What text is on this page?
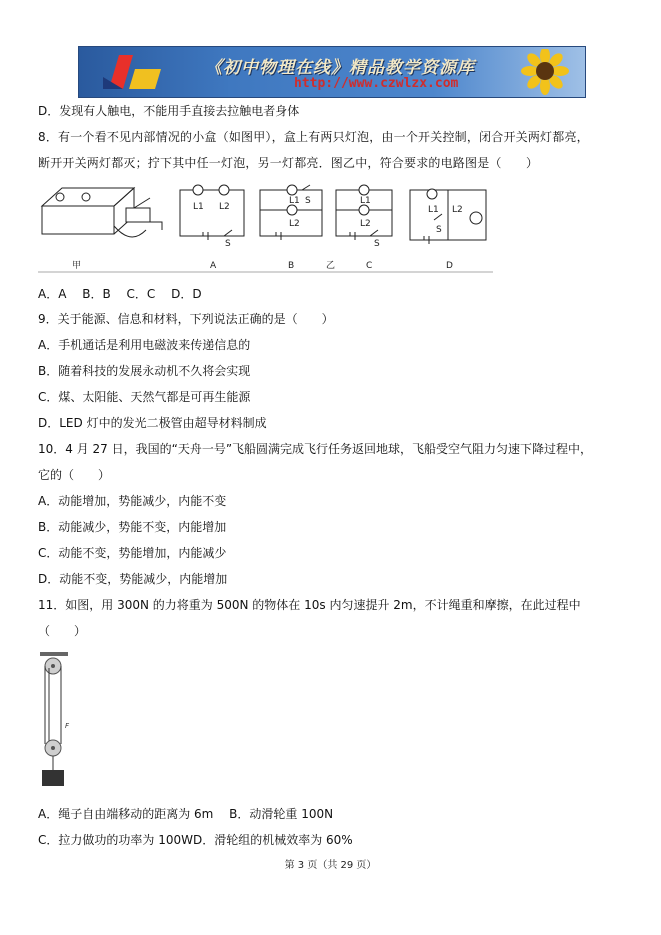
《初中物理在线》精品教学资源库
http://www.czwlzx.com
D．发现有人触电，不能用手直接去拉触电者身体
8．有一个看不见内部情况的小盒（如图甲），盒上有两只灯泡，由一个开关控制，闭合开关两灯都亮，
断开开关两灯都灭；拧下其中任一灯泡，另一灯都亮．图乙中，符合要求的电路图是（　　）
L1 L2
S
L1 S
L2
L1
L2
S
L1 L2
S
甲	A	B	乙	C	D
A．A　 B．B　 C．C　 D．D
9．关于能源、信息和材料，下列说法正确的是（　　）
A．手机通话是利用电磁波来传递信息的
B．随着科技的发展永动机不久将会实现
C．煤、太阳能、天然气都是可再生能源
D．LED 灯中的发光二极管由超导材料制成
10．4 月 27 日，我国的“天舟一号”飞船圆满完成飞行任务返回地球，飞船受空气阻力匀速下降过程中，
它的（　　）
A．动能增加，势能减少，内能不变
B．动能减少，势能不变，内能增加
C．动能不变，势能增加，内能减少
D．动能不变，势能减少，内能增加
11．如图，用 300N 的力将重为 500N 的物体在 10s 内匀速提升 2m，不计绳重和摩擦，在此过程中
（　　）
F
A．绳子自由端移动的距离为 6m　 B．动滑轮重 100N
C．拉力做功的功率为 100WD．滑轮组的机械效率为 60%
第 3 页（共 29 页）
